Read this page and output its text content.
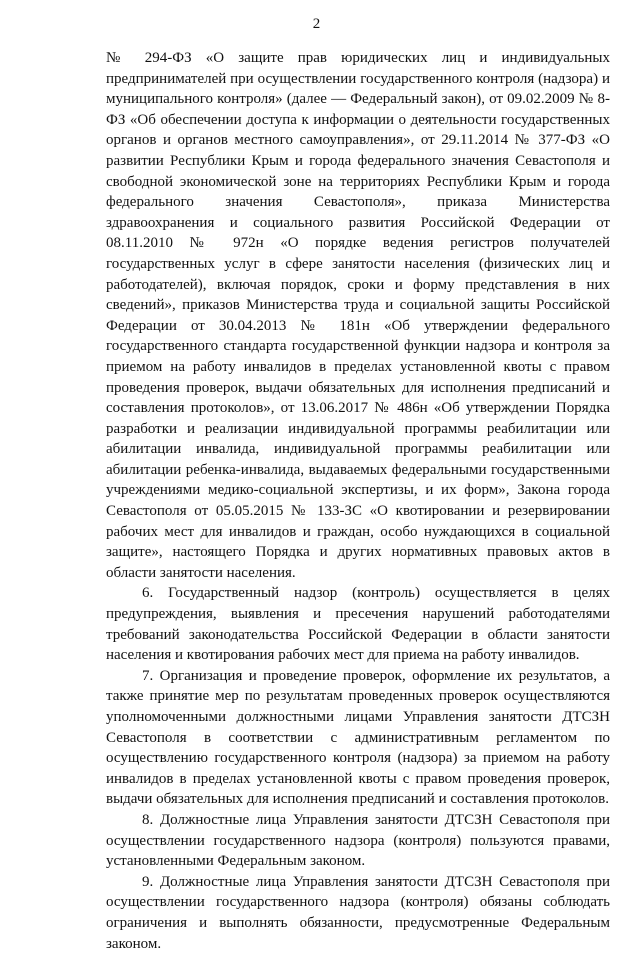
2

№ 294-ФЗ «О защите прав юридических лиц и индивидуальных предпринимателей при осуществлении государственного контроля (надзора) и муниципального контроля» (далее — Федеральный закон), от 09.02.2009 № 8-ФЗ «Об обеспечении доступа к информации о деятельности государственных органов и органов местного самоуправления», от 29.11.2014 № 377-ФЗ «О развитии Республики Крым и города федерального значения Севастополя и свободной экономической зоне на территориях Республики Крым и города федерального значения Севастополя», приказа Министерства здравоохранения и социального развития Российской Федерации от 08.11.2010 № 972н «О порядке ведения регистров получателей государственных услуг в сфере занятости населения (физических лиц и работодателей), включая порядок, сроки и форму представления в них сведений», приказов Министерства труда и социальной защиты Российской Федерации от 30.04.2013 № 181н «Об утверждении федерального государственного стандарта государственной функции надзора и контроля за приемом на работу инвалидов в пределах установленной квоты с правом проведения проверок, выдачи обязательных для исполнения предписаний и составления протоколов», от 13.06.2017 № 486н «Об утверждении Порядка разработки и реализации индивидуальной программы реабилитации или абилитации инвалида, индивидуальной программы реабилитации или абилитации ребенка-инвалида, выдаваемых федеральными государственными учреждениями медико-социальной экспертизы, и их форм», Закона города Севастополя от 05.05.2015 № 133-ЗС «О квотировании и резервировании рабочих мест для инвалидов и граждан, особо нуждающихся в социальной защите», настоящего Порядка и других нормативных правовых актов в области занятости населения.

6. Государственный надзор (контроль) осуществляется в целях предупреждения, выявления и пресечения нарушений работодателями требований законодательства Российской Федерации в области занятости населения и квотирования рабочих мест для приема на работу инвалидов.

7. Организация и проведение проверок, оформление их результатов, а также принятие мер по результатам проведенных проверок осуществляются уполномоченными должностными лицами Управления занятости ДТСЗН Севастополя в соответствии с административным регламентом по осуществлению государственного контроля (надзора) за приемом на работу инвалидов в пределах установленной квоты с правом проведения проверок, выдачи обязательных для исполнения предписаний и составления протоколов.

8. Должностные лица Управления занятости ДТСЗН Севастополя при осуществлении государственного надзора (контроля) пользуются правами, установленными Федеральным законом.

9. Должностные лица Управления занятости ДТСЗН Севастополя при осуществлении государственного надзора (контроля) обязаны соблюдать ограничения и выполнять обязанности, предусмотренные Федеральным законом.
